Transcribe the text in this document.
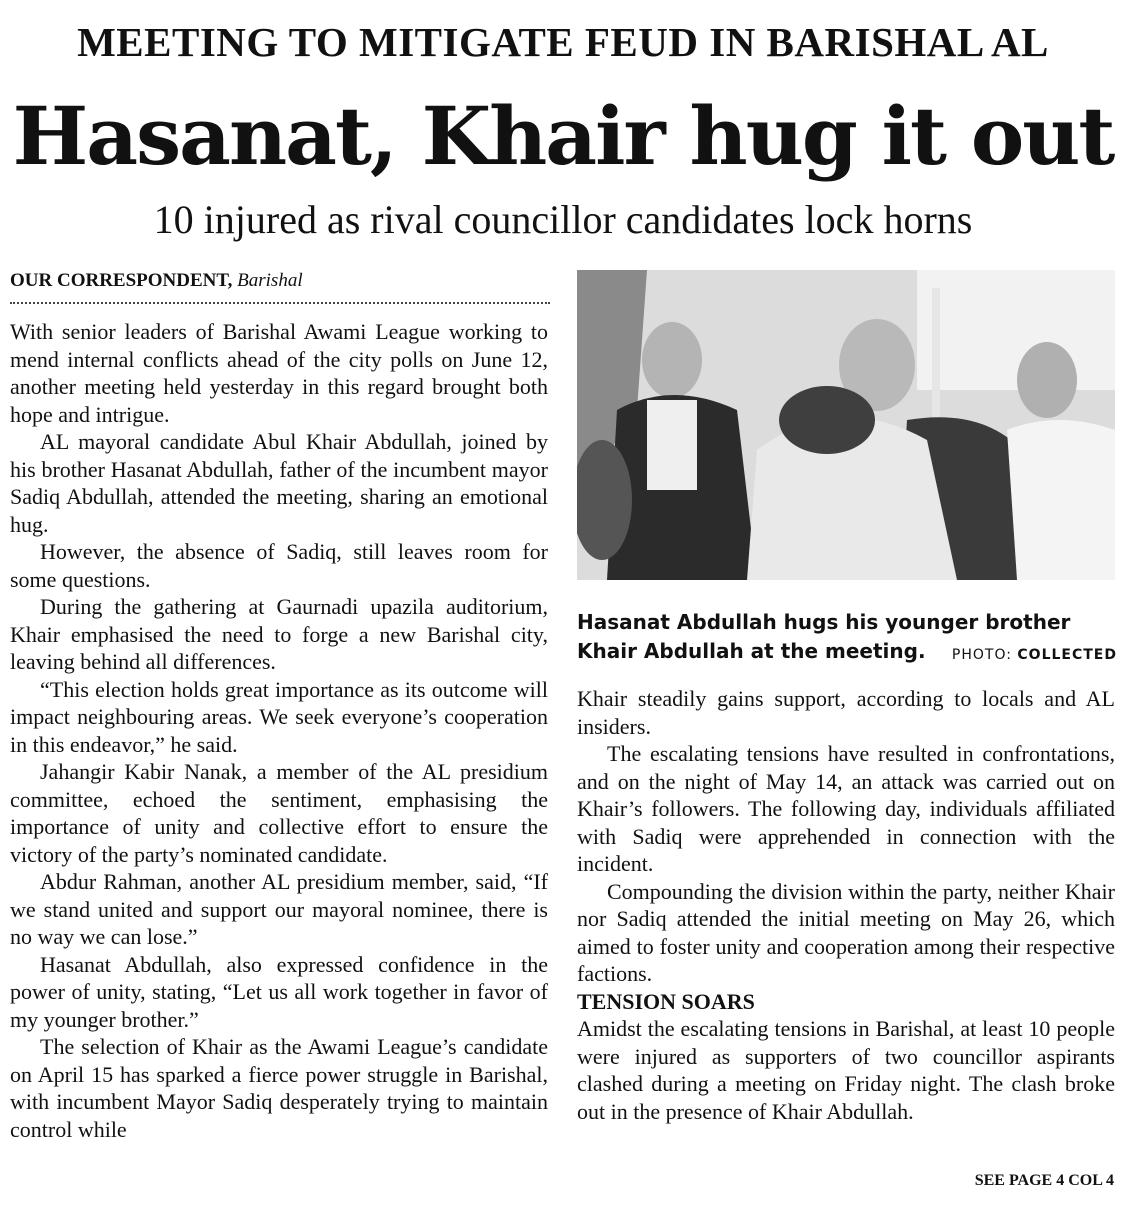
MEETING TO MITIGATE FEUD IN BARISHAL AL
Hasanat, Khair hug it out
10 injured as rival councillor candidates lock horns
OUR CORRESPONDENT, Barishal

With senior leaders of Barishal Awami League working to mend internal conflicts ahead of the city polls on June 12, another meeting held yesterday in this regard brought both hope and intrigue.

AL mayoral candidate Abul Khair Abdullah, joined by his brother Hasanat Abdullah, father of the incumbent mayor Sadiq Abdullah, attended the meeting, sharing an emotional hug.

However, the absence of Sadiq, still leaves room for some questions.

During the gathering at Gaurnadi upazila auditorium, Khair emphasised the need to forge a new Barishal city, leaving behind all differences.

“This election holds great importance as its outcome will impact neighbouring areas. We seek everyone’s cooperation in this endeavor,” he said.

Jahangir Kabir Nanak, a member of the AL presidium committee, echoed the sentiment, emphasising the importance of unity and collective effort to ensure the victory of the party’s nominated candidate.

Abdur Rahman, another AL presidium member, said, “If we stand united and support our mayoral nominee, there is no way we can lose.”

Hasanat Abdullah, also expressed confidence in the power of unity, stating, “Let us all work together in favor of my younger brother.”

The selection of Khair as the Awami League’s candidate on April 15 has sparked a fierce power struggle in Barishal, with incumbent Mayor Sadiq desperately trying to maintain control while

Hasanat Abdullah hugs his younger brother Khair Abdullah at the meeting. PHOTO: COLLECTED

Khair steadily gains support, according to locals and AL insiders.

The escalating tensions have resulted in confrontations, and on the night of May 14, an attack was carried out on Khair’s followers. The following day, individuals affiliated with Sadiq were apprehended in connection with the incident.

Compounding the division within the party, neither Khair nor Sadiq attended the initial meeting on May 26, which aimed to foster unity and cooperation among their respective factions.

TENSION SOARS

Amidst the escalating tensions in Barishal, at least 10 people were injured as supporters of two councillor aspirants clashed during a meeting on Friday night. The clash broke out in the presence of Khair Abdullah.

SEE PAGE 4 COL 4
